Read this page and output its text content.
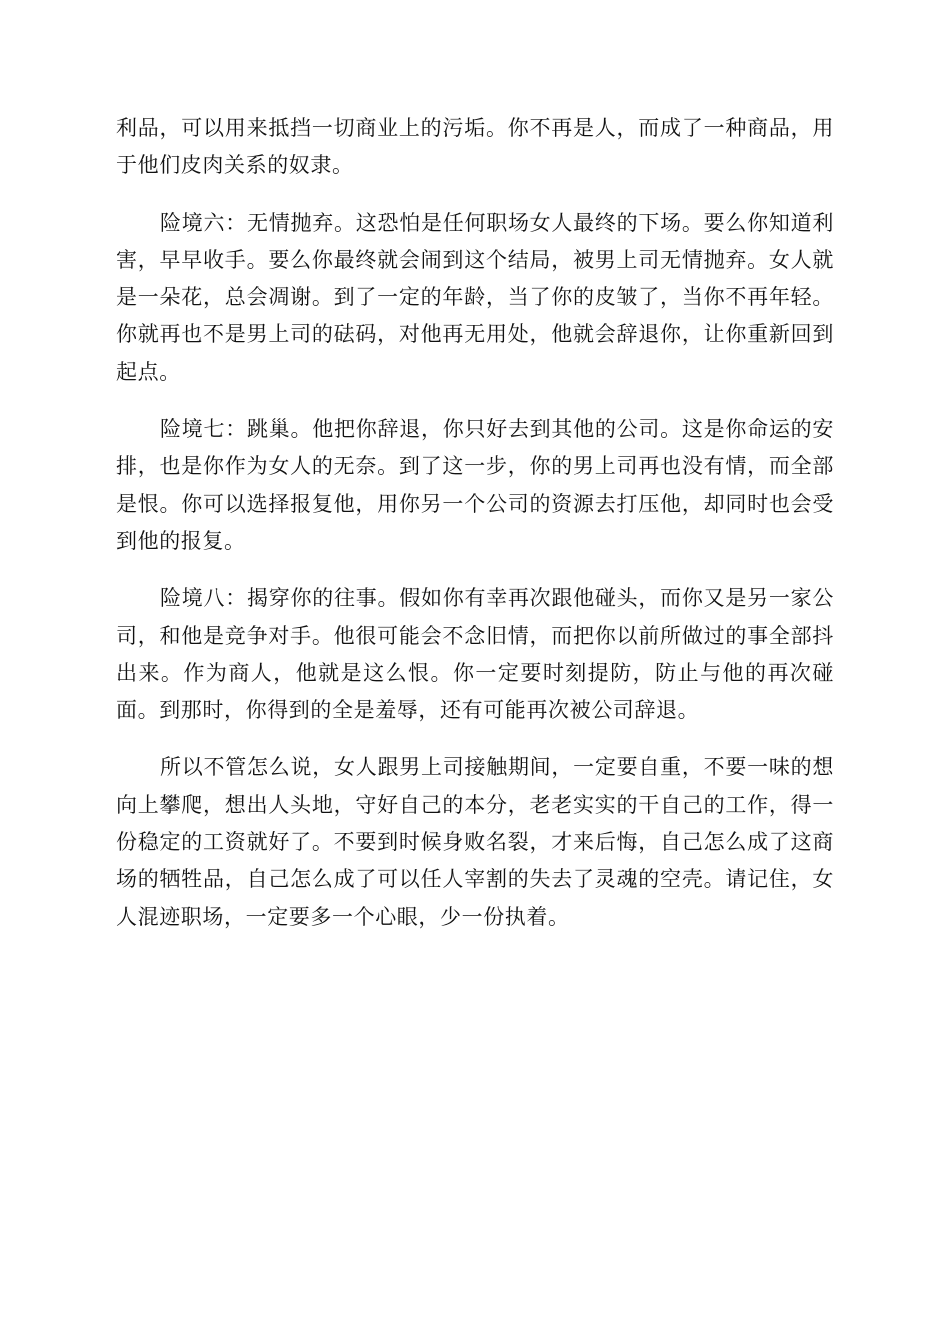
利品，可以用来抵挡一切商业上的污垢。你不再是人，而成了一种商品，用于他们皮肉关系的奴隶。

险境六：无情抛弃。这恐怕是任何职场女人最终的下场。要么你知道利害，早早收手。要么你最终就会闹到这个结局，被男上司无情抛弃。女人就是一朵花，总会凋谢。到了一定的年龄，当了你的皮皱了，当你不再年轻。你就再也不是男上司的砝码，对他再无用处，他就会辞退你，让你重新回到起点。

险境七：跳巢。他把你辞退，你只好去到其他的公司。这是你命运的安排，也是你作为女人的无奈。到了这一步，你的男上司再也没有情，而全部是恨。你可以选择报复他，用你另一个公司的资源去打压他，却同时也会受到他的报复。

险境八：揭穿你的往事。假如你有幸再次跟他碰头，而你又是另一家公司，和他是竞争对手。他很可能会不念旧情，而把你以前所做过的事全部抖出来。作为商人，他就是这么恨。你一定要时刻提防，防止与他的再次碰面。到那时，你得到的全是羞辱，还有可能再次被公司辞退。

所以不管怎么说，女人跟男上司接触期间，一定要自重，不要一味的想向上攀爬，想出人头地，守好自己的本分，老老实实的干自己的工作，得一份稳定的工资就好了。不要到时候身败名裂，才来后悔，自己怎么成了这商场的牺牲品，自己怎么成了可以任人宰割的失去了灵魂的空壳。请记住，女人混迹职场，一定要多一个心眼，少一份执着。
